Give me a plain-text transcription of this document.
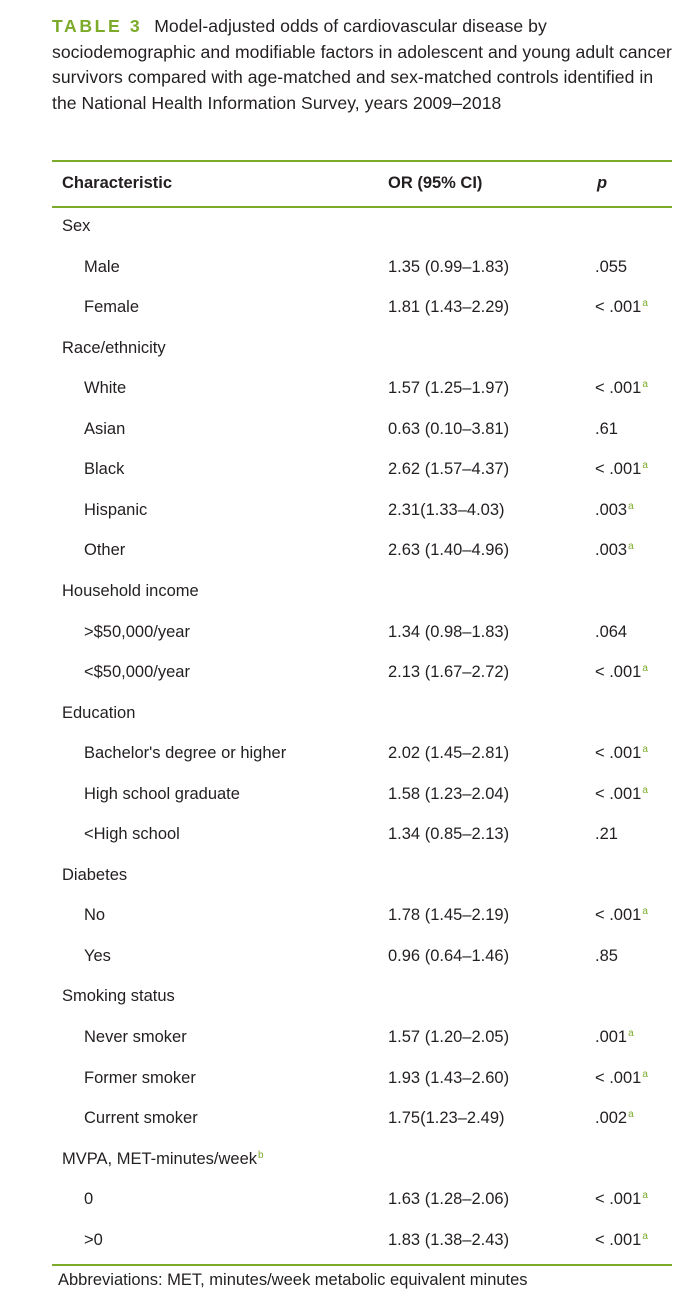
TABLE 3 Model-adjusted odds of cardiovascular disease by sociodemographic and modifiable factors in adolescent and young adult cancer survivors compared with age-matched and sex-matched controls identified in the National Health Information Survey, years 2009–2018
Characteristic	OR (95% CI)	p
Sex
Male	1.35 (0.99–1.83)	.055
Female	1.81 (1.43–2.29)	< .001$^a$
Race/ethnicity
White	1.57 (1.25–1.97)	< .001$^a$
Asian	0.63 (0.10–3.81)	.61
Black	2.62 (1.57–4.37)	< .001$^a$
Hispanic	2.31(1.33–4.03)	.003$^a$
Other	2.63 (1.40–4.96)	.003$^a$
Household income
>$50,000/year	1.34 (0.98–1.83)	.064
<$50,000/year	2.13 (1.67–2.72)	< .001$^a$
Education
Bachelor's degree or higher	2.02 (1.45–2.81)	< .001$^a$
High school graduate	1.58 (1.23–2.04)	< .001$^a$
<High school	1.34 (0.85–2.13)	.21
Diabetes
No	1.78 (1.45–2.19)	< .001$^a$
Yes	0.96 (0.64–1.46)	.85
Smoking status
Never smoker	1.57 (1.20–2.05)	.001$^a$
Former smoker	1.93 (1.43–2.60)	< .001$^a$
Current smoker	1.75(1.23–2.49)	.002$^a$
MVPA, MET-minutes/week$^b$
0	1.63 (1.28–2.06)	< .001$^a$
>0	1.83 (1.38–2.43)	< .001$^a$
Abbreviations: MET, minutes/week metabolic equivalent minutes
